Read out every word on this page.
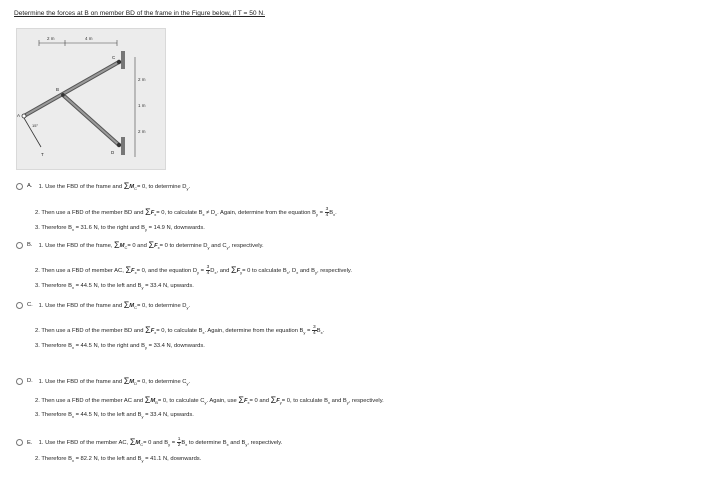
Determine the forces at B on member BD of the frame in the Figure below, if T = 50 N.
2 m	4 m
2 m
1 m
2 m
B
C
D
A
T
15°
A. 1. Use the FBD of the frame and $\Sigma M_C= 0$, to determine $D_y$.
2. Then use a FBD of the member BD and $\Sigma F_x= 0$, to calculate $B_x \ne D_x$. Again, determine from the equation $B_y = \frac{3}{4} B_x$.
3. Therefore $B_x = 31.6$ N, to the right and $B_y = 14.9$ N, downwards.
B. 1. Use the FBD of the frame, $\Sigma M_C= 0$ and $\Sigma F_x= 0$ to determine $D_y$ and $C_y$, respectively.
2. Then use a FBD of member AC, $\Sigma F_x= 0$, and the equation $D_y = \frac{3}{4} D_x$, and $\Sigma F_y= 0$ to calculate $B_x$, $D_x$ and $B_y$, respectively.
3. Therefore $B_x = 44.5$ N, to the left and $B_y = 33.4$ N, upwards.
C. 1. Use the FBD of the frame and $\Sigma M_C= 0$, to determine $D_y$.
2. Then use a FBD of the member BD and $\Sigma F_x= 0$, to calculate $B_x$. Again, determine from the equation $B_y = \frac{3}{4} B_x$.
3. Therefore $B_x = 44.5$ N, to the right and $B_y = 33.4$ N, downwards.
D. 1. Use the FBD of the frame and $\Sigma M_D= 0$, to determine $C_y$.
2. Then use a FBD of the member AC and $\Sigma M_B= 0$, to calculate $C_y$. Again, use $\Sigma F_x= 0$ and $\Sigma F_y= 0$, to calculate $B_x$ and $B_y$, respectively.
3. Therefore $B_x = 44.5$ N, to the left and $B_y = 33.4$ N, upwards.
E. 1. Use the FBD of the member AC, $\Sigma M_C= 0$ and $B_y = \frac{1}{2} B_x$ to determine $B_x$ and $B_y$, respectively.
2. Therefore $B_x = 82.2$ N, to the left and $B_y = 41.1$ N, downwards.
